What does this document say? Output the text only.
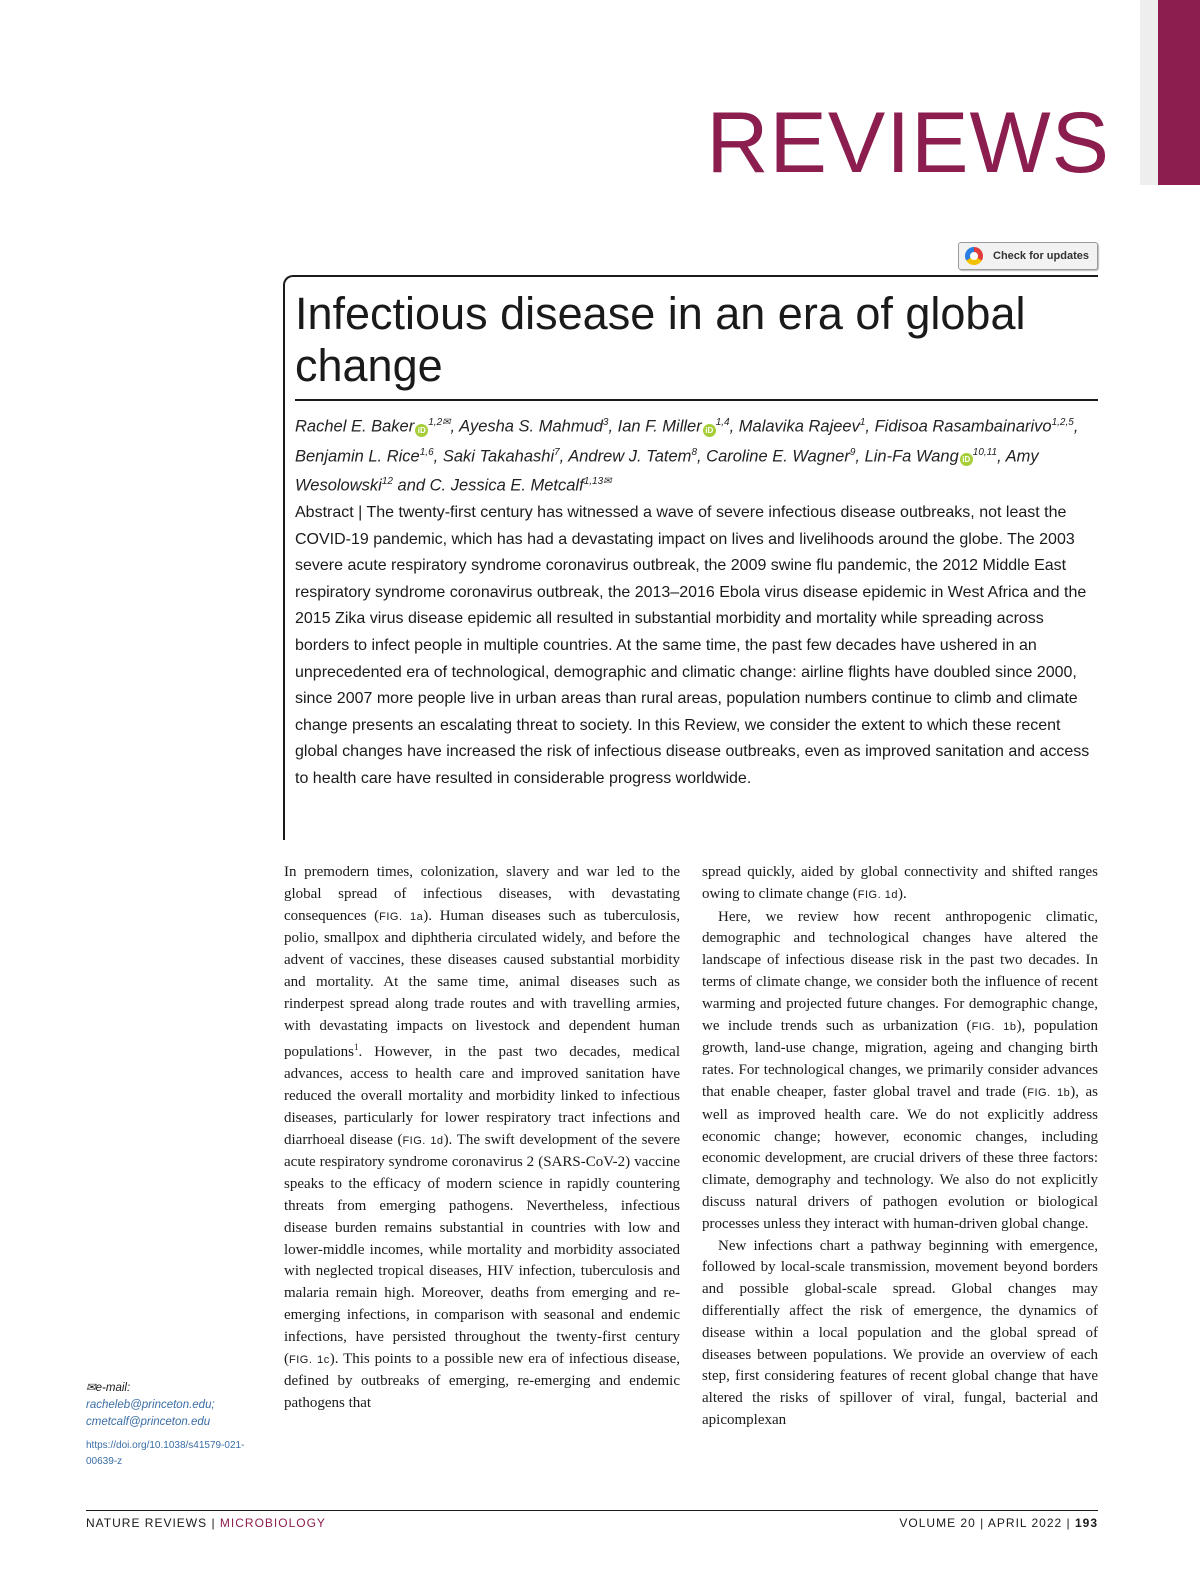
REVIEWS
Check for updates
Infectious disease in an era of global change
Rachel E. Baker $iD^{1,2✉}$, Ayesha S. Mahmud$^3$, Ian F. Miller iD$^{1,4}$, Malavika Rajeev$^1$, Fidisoa Rasambainarivo$^{1,2,5}$, Benjamin L. Rice$^{1,6}$, Saki Takahashi$^7$, Andrew J. Tatem$^8$, Caroline E. Wagner$^9$, Lin-Fa Wang iD$^{10,11}$, Amy Wesolowski$^{12}$ and C. Jessica E. Metcalf$^{1,13✉}$
Abstract | The twenty-first century has witnessed a wave of severe infectious disease outbreaks, not least the COVID-19 pandemic, which has had a devastating impact on lives and livelihoods around the globe. The 2003 severe acute respiratory syndrome coronavirus outbreak, the 2009 swine flu pandemic, the 2012 Middle East respiratory syndrome coronavirus outbreak, the 2013–2016 Ebola virus disease epidemic in West Africa and the 2015 Zika virus disease epidemic all resulted in substantial morbidity and mortality while spreading across borders to infect people in multiple countries. At the same time, the past few decades have ushered in an unprecedented era of technological, demographic and climatic change: airline flights have doubled since 2000, since 2007 more people live in urban areas than rural areas, population numbers continue to climb and climate change presents an escalating threat to society. In this Review, we consider the extent to which these recent global changes have increased the risk of infectious disease outbreaks, even as improved sanitation and access to health care have resulted in considerable progress worldwide.

In premodern times, colonization, slavery and war led to the global spread of infectious diseases, with devastating consequences (FIG. 1a). Human diseases such as tuberculosis, polio, smallpox and diphtheria circulated widely, and before the advent of vaccines, these diseases caused substantial morbidity and mortality. At the same time, animal diseases such as rinderpest spread along trade routes and with travelling armies, with devastating impacts on livestock and dependent human populations$^1$. However, in the past two decades, medical advances, access to health care and improved sanitation have reduced the overall mortality and morbidity linked to infectious diseases, particularly for lower respiratory tract infections and diarrhoeal disease (FIG. 1d). The swift development of the severe acute respiratory syndrome coronavirus 2 (SARS-CoV-2) vaccine speaks to the efficacy of modern science in rapidly countering threats from emerging pathogens. Nevertheless, infectious disease burden remains substantial in countries with low and lower-middle incomes, while mortality and morbidity associated with neglected tropical diseases, HIV infection, tuberculosis and malaria remain high. Moreover, deaths from emerging and re-emerging infections, in comparison with seasonal and endemic infections, have persisted throughout the twenty-first century (FIG. 1c). This points to a possible new era of infectious disease, defined by outbreaks of emerging, re-emerging and endemic pathogens that

spread quickly, aided by global connectivity and shifted ranges owing to climate change (FIG. 1d).

Here, we review how recent anthropogenic climatic, demographic and technological changes have altered the landscape of infectious disease risk in the past two decades. In terms of climate change, we consider both the influence of recent warming and projected future changes. For demographic change, we include trends such as urbanization (FIG. 1b), population growth, land-use change, migration, ageing and changing birth rates. For technological changes, we primarily consider advances that enable cheaper, faster global travel and trade (FIG. 1b), as well as improved health care. We do not explicitly address economic change; however, economic changes, including economic development, are crucial drivers of these three factors: climate, demography and technology. We also do not explicitly discuss natural drivers of pathogen evolution or biological processes unless they interact with human-driven global change.

New infections chart a pathway beginning with emergence, followed by local-scale transmission, movement beyond borders and possible global-scale spread. Global changes may differentially affect the risk of emergence, the dynamics of disease within a local population and the global spread of diseases between populations. We provide an overview of each step, first considering features of recent global change that have altered the risks of spillover of viral, fungal, bacterial and apicomplexan

✉e-mail: racheleb@princeton.edu; cmetcalf@princeton.edu
https://doi.org/10.1038/s41579-021-00639-z
NATURE REVIEWS | MICROBIOLOGY	VOLUME 20 | APRIL 2022 | 193
